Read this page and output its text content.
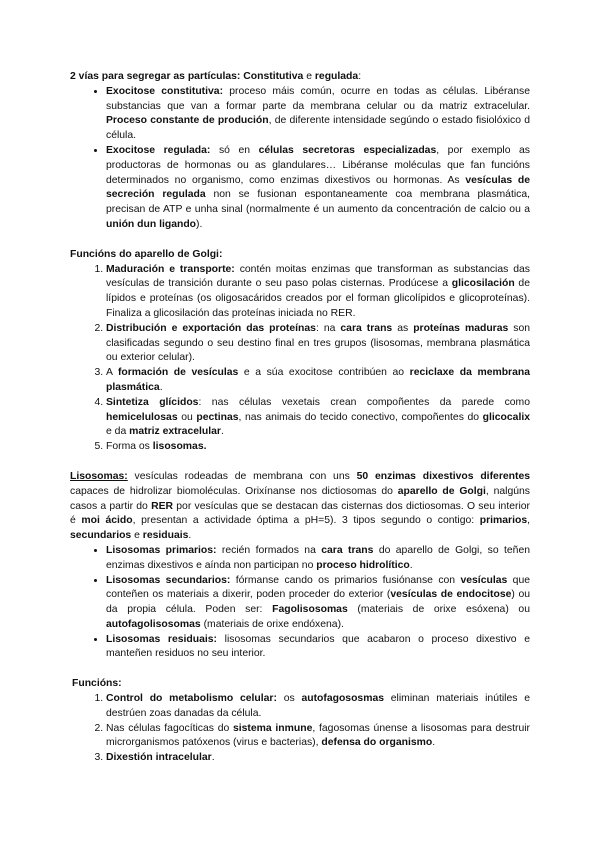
2 vías para segregar as partículas: Constitutiva e regulada:

• Exocitose constitutiva: proceso máis común, ocurre en todas as células. Libéranse substancias que van a formar parte da membrana celular ou da matriz extracelular. Proceso constante de produción, de diferente intensidade segúndo o estado fisiolóxico d célula.
• Exocitose regulada: só en células secretoras especializadas, por exemplo as productoras de hormonas ou as glandulares… Libéranse moléculas que fan funcións determinados no organismo, como enzimas dixestivos ou hormonas. As vesículas de secreción regulada non se fusionan espontaneamente coa membrana plasmática, precisan de ATP e unha sinal (normalmente é un aumento da concentración de calcio ou a unión dun ligando).

Funcións do aparello de Golgi:

1. Maduración e transporte: contén moitas enzimas que transforman as substancias das vesículas de transición durante o seu paso polas cisternas. Prodúcese a glicosilación de lípidos e proteínas (os oligosacáridos creados por el forman glicolípidos e glicoproteínas). Finaliza a glicosilación das proteínas iniciada no RER.
2. Distribución e exportación das proteínas: na cara trans as proteínas maduras son clasificadas segundo o seu destino final en tres grupos (lisosomas, membrana plasmática ou exterior celular).
3. A formación de vesículas e a súa exocitose contribúen ao reciclaxe da membrana plasmática.
4. Sintetiza glícidos: nas células vexetais crean compoñentes da parede como hemicelulosas ou pectinas, nas animais do tecido conectivo, compoñentes do glicocalix e da matriz extracelular.
5. Forma os lisosomas.

Lisosomas: vesículas rodeadas de membrana con uns 50 enzimas dixestivos diferentes capaces de hidrolizar biomoléculas. Orixínanse nos dictiosomas do aparello de Golgi, nalgúns casos a partir do RER por vesículas que se destacan das cisternas dos dictiosomas. O seu interior é moi ácido, presentan a actividade óptima a pH=5). 3 tipos segundo o contigo: primarios, secundarios e residuais.

• Lisosomas primarios: recién formados na cara trans do aparello de Golgi, so teñen enzimas dixestivos e aínda non participan no proceso hidrolítico.
• Lisosomas secundarios: fórmanse cando os primarios fusiónanse con vesículas que conteñen os materiais a dixerir, poden proceder do exterior (vesículas de endocitose) ou da propia célula. Poden ser: Fagolisosomas (materiais de orixe esóxena) ou autofagolisosomas (materiais de orixe endóxena).
• Lisosomas residuais: lisosomas secundarios que acabaron o proceso dixestivo e manteñen residuos no seu interior.

Funcións:

1. Control do metabolismo celular: os autofagososmas eliminan materiais inútiles e destrúen zoas danadas da célula.
2. Nas células fagocíticas do sistema inmune, fagosomas únense a lisosomas para destruir microrganismos patóxenos (virus e bacterias), defensa do organismo.
3. Dixestión intracelular.
